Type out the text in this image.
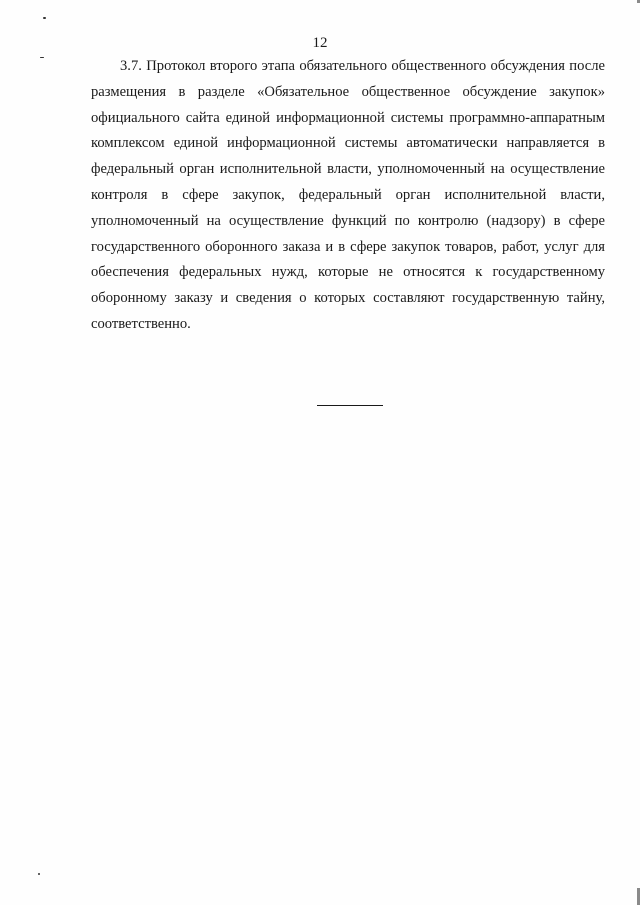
12

3.7. Протокол второго этапа обязательного общественного обсуждения после размещения в разделе «Обязательное общественное обсуждение закупок» официального сайта единой информационной системы программно-аппаратным комплексом единой информационной системы автоматически направляется в федеральный орган исполнительной власти, уполномоченный на осуществление контроля в сфере закупок, федеральный орган исполнительной власти, уполномоченный на осуществление функций по контролю (надзору) в сфере государственного оборонного заказа и в сфере закупок товаров, работ, услуг для обеспечения федеральных нужд, которые не относятся к государственному оборонному заказу и сведения о которых составляют государственную тайну, соответственно.
